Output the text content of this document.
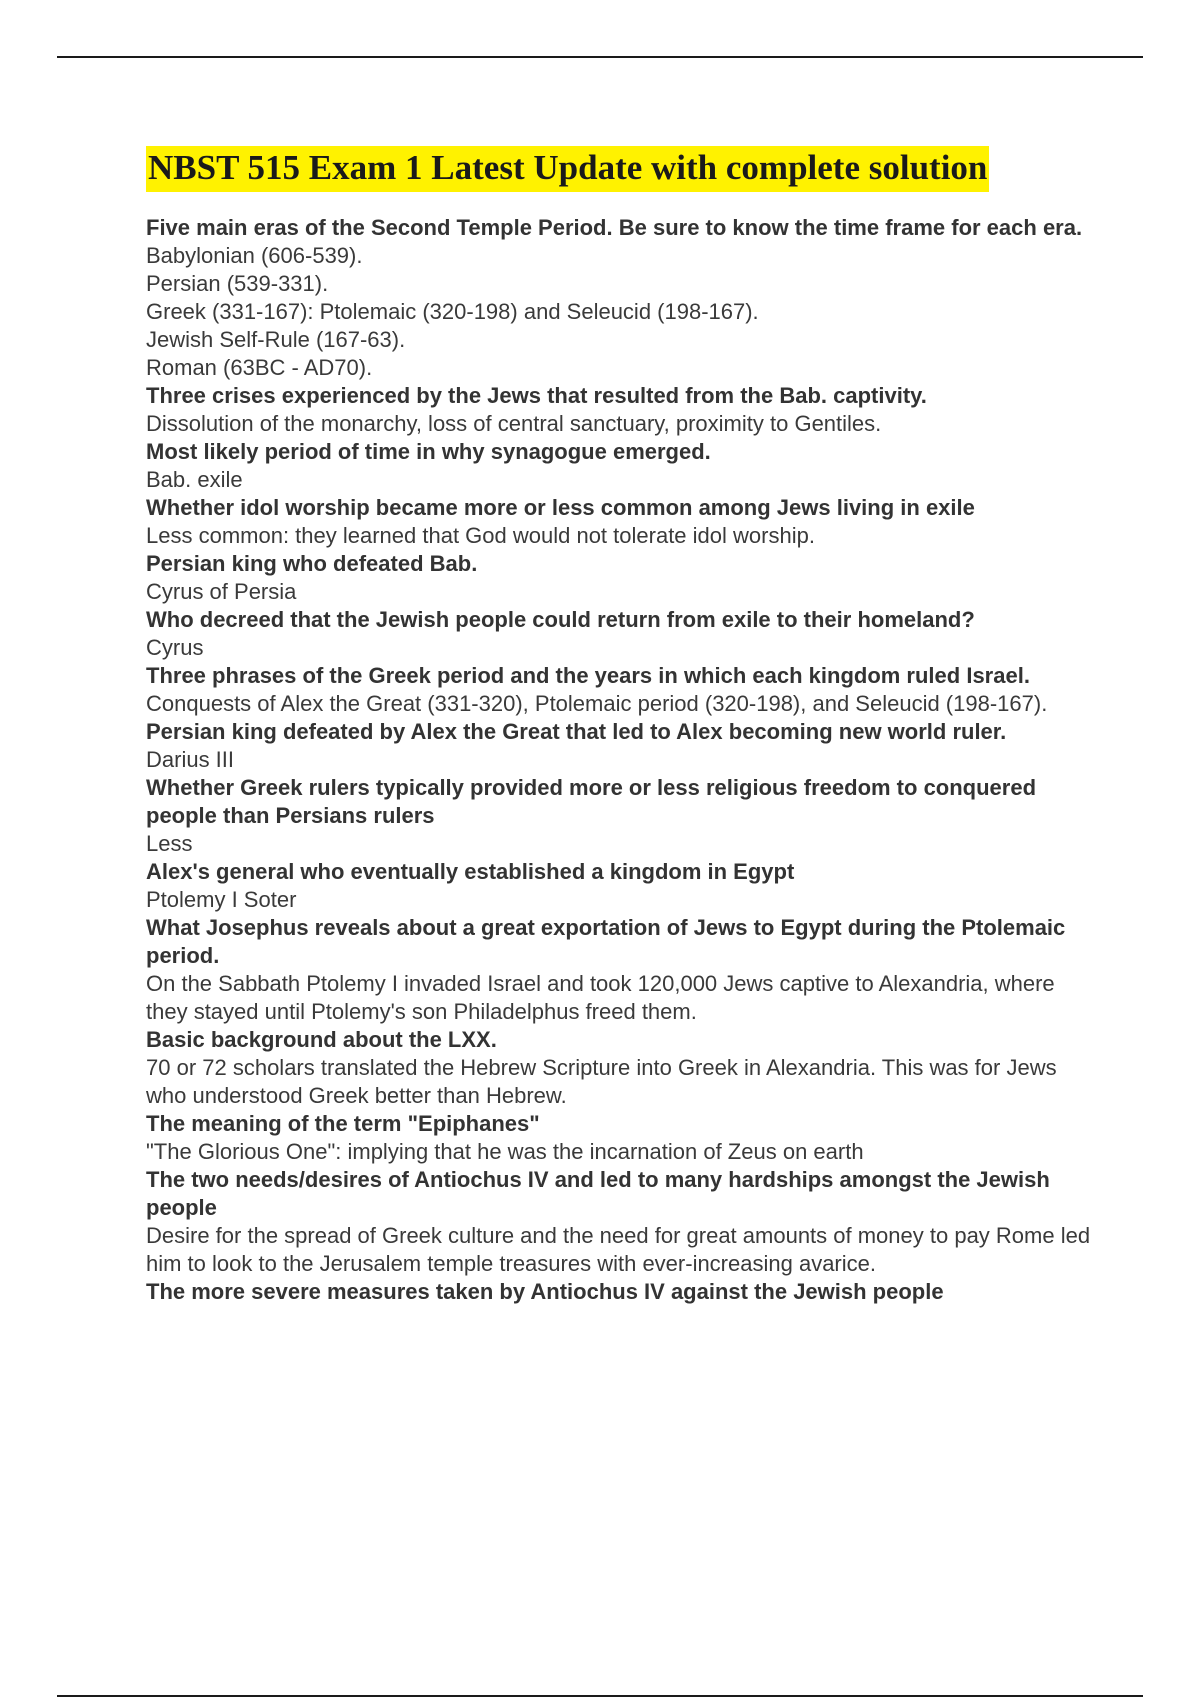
NBST 515 Exam 1 Latest Update with complete solution
Five main eras of the Second Temple Period. Be sure to know the time frame for each era.
Babylonian (606-539).
Persian (539-331).
Greek (331-167): Ptolemaic (320-198) and Seleucid (198-167).
Jewish Self-Rule (167-63).
Roman (63BC - AD70).
Three crises experienced by the Jews that resulted from the Bab. captivity.
Dissolution of the monarchy, loss of central sanctuary, proximity to Gentiles.
Most likely period of time in why synagogue emerged.
Bab. exile
Whether idol worship became more or less common among Jews living in exile
Less common: they learned that God would not tolerate idol worship.
Persian king who defeated Bab.
Cyrus of Persia
Who decreed that the Jewish people could return from exile to their homeland?
Cyrus
Three phrases of the Greek period and the years in which each kingdom ruled Israel.
Conquests of Alex the Great (331-320), Ptolemaic period (320-198), and Seleucid (198-167).
Persian king defeated by Alex the Great that led to Alex becoming new world ruler.
Darius III
Whether Greek rulers typically provided more or less religious freedom to conquered people than Persians rulers
Less
Alex's general who eventually established a kingdom in Egypt
Ptolemy I Soter
What Josephus reveals about a great exportation of Jews to Egypt during the Ptolemaic period.
On the Sabbath Ptolemy I invaded Israel and took 120,000 Jews captive to Alexandria, where they stayed until Ptolemy's son Philadelphus freed them.
Basic background about the LXX.
70 or 72 scholars translated the Hebrew Scripture into Greek in Alexandria. This was for Jews who understood Greek better than Hebrew.
The meaning of the term "Epiphanes"
"The Glorious One": implying that he was the incarnation of Zeus on earth
The two needs/desires of Antiochus IV and led to many hardships amongst the Jewish people
Desire for the spread of Greek culture and the need for great amounts of money to pay Rome led him to look to the Jerusalem temple treasures with ever-increasing avarice.
The more severe measures taken by Antiochus IV against the Jewish people
